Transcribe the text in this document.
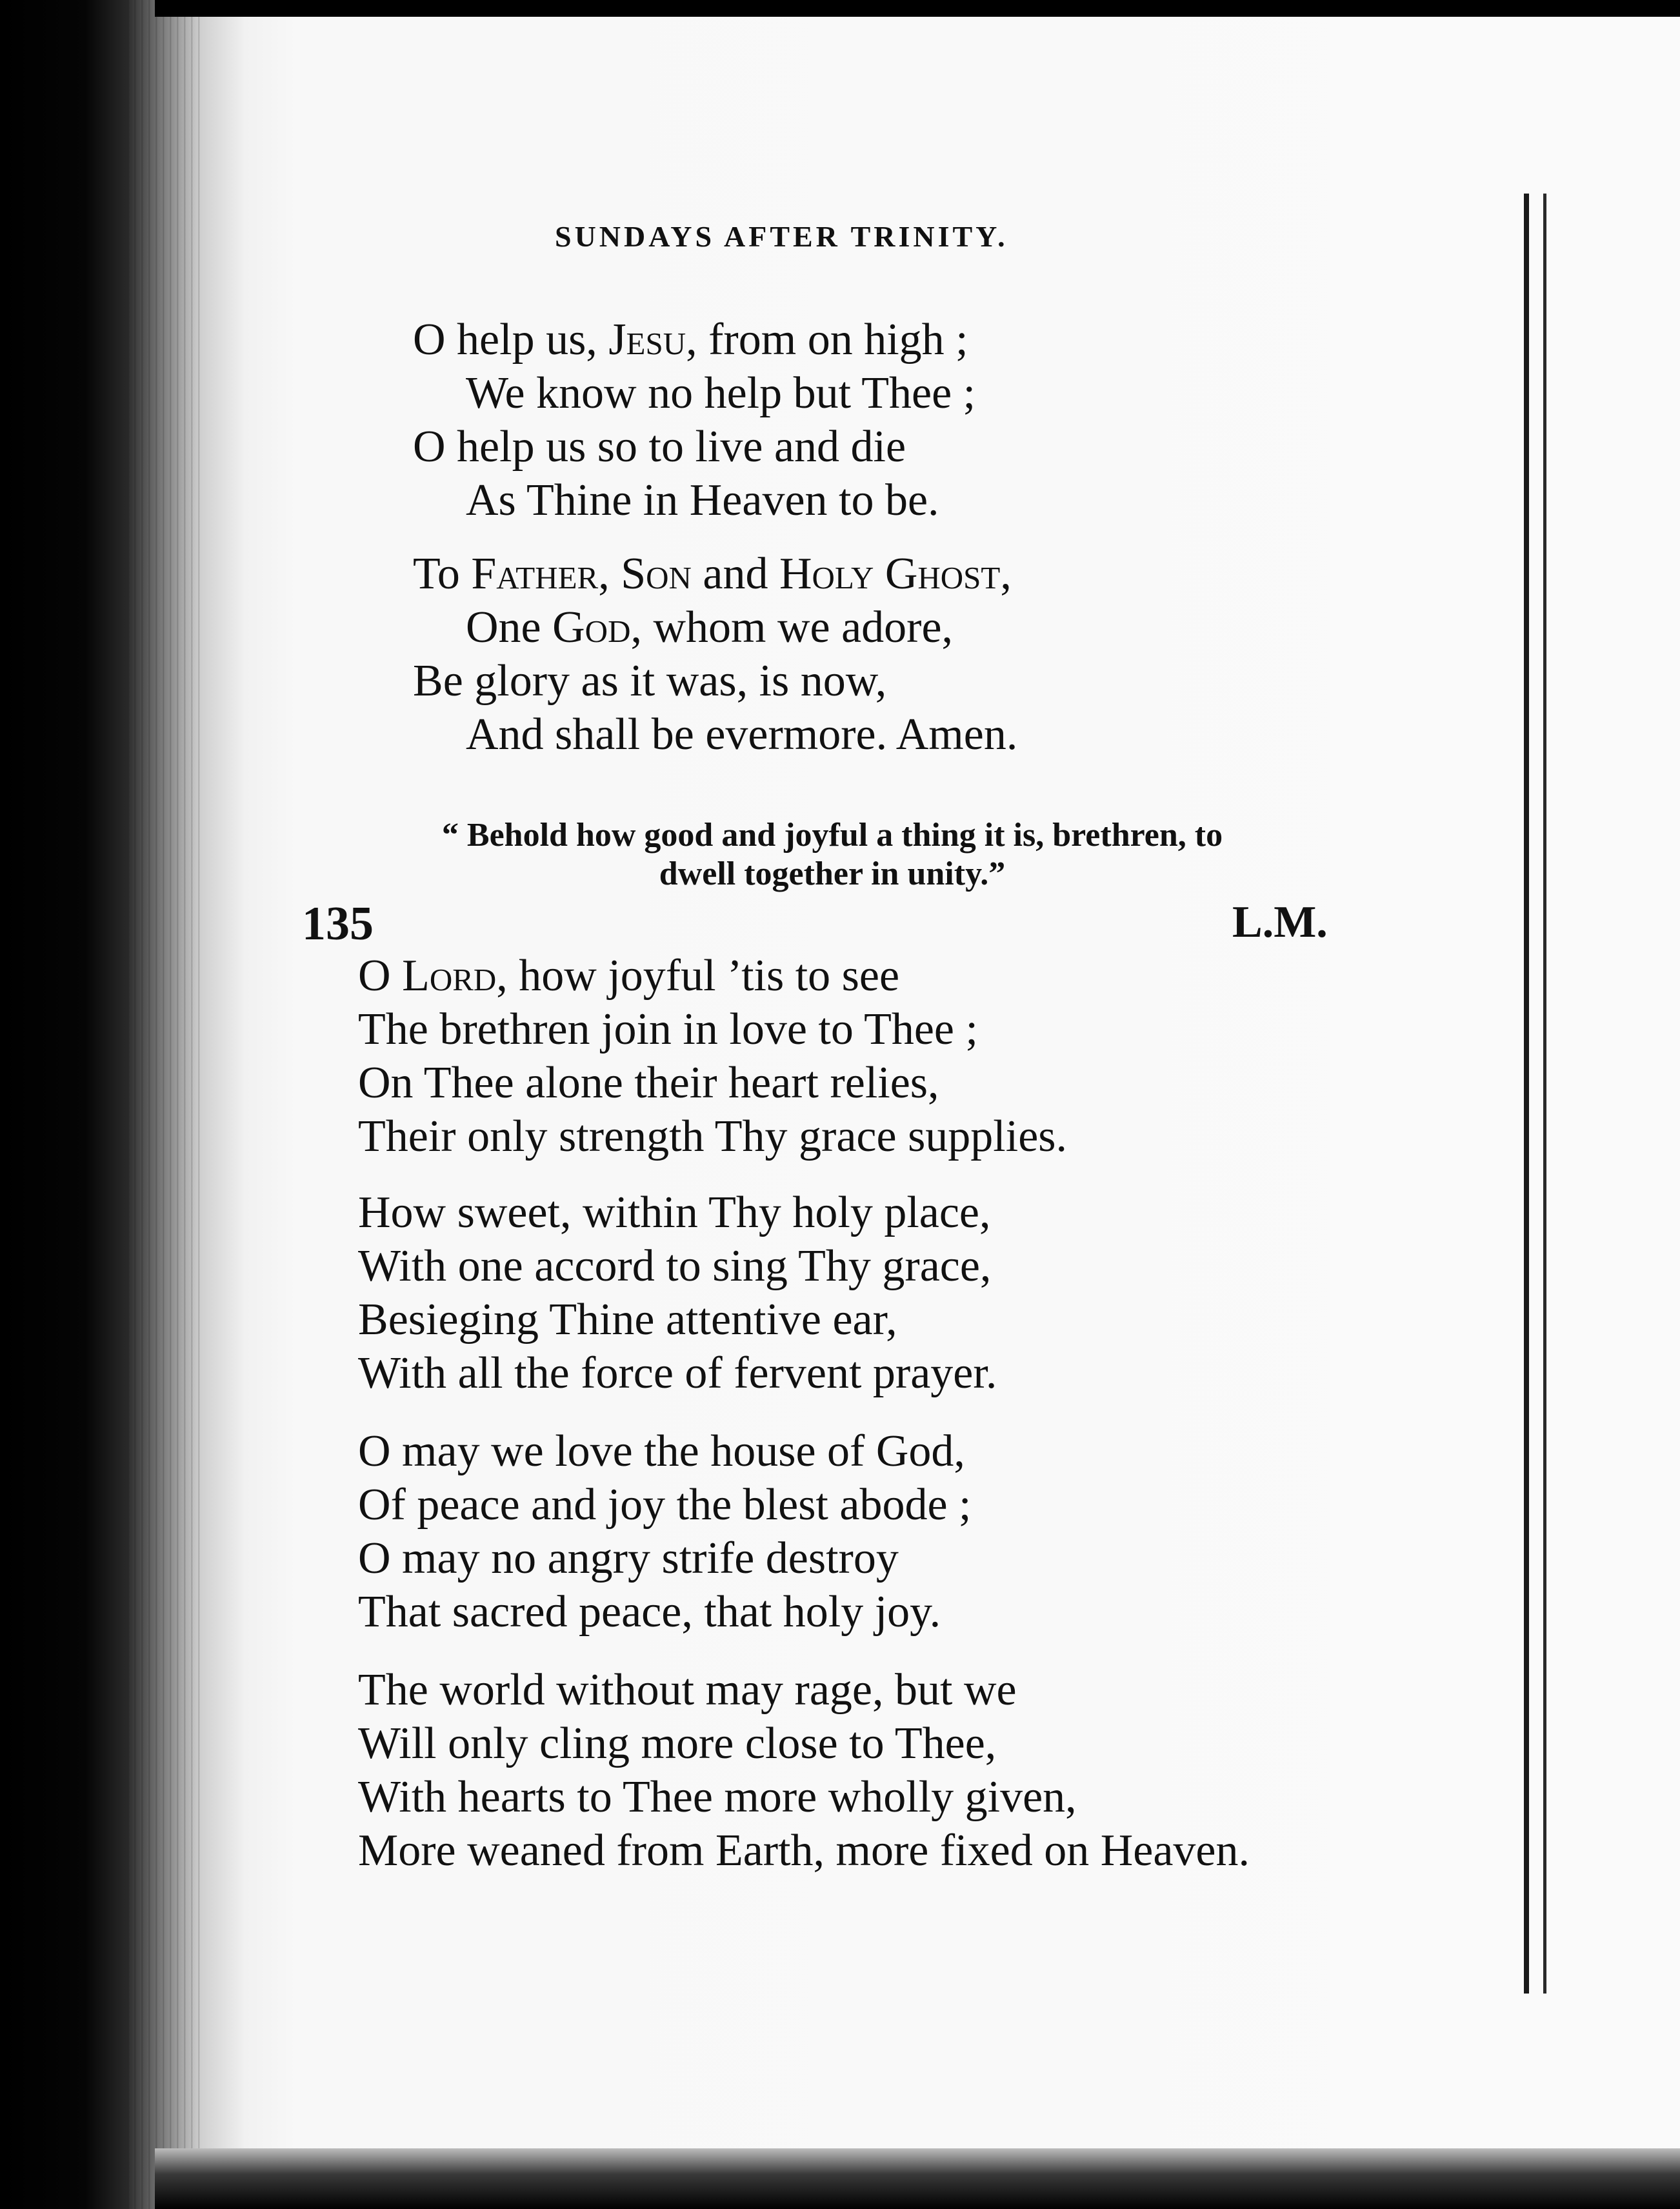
SUNDAYS AFTER TRINITY.
O help us, Jesu, from on high ;
We know no help but Thee ;
O help us so to live and die
As Thine in Heaven to be.
To Father, Son and Holy Ghost,
One God, whom we adore,
Be glory as it was, is now,
And shall be evermore. Amen.
“ Behold how good and joyful a thing it is, brethren, to
dwell together in unity.”
135	L.M.
O Lord, how joyful ’tis to see
The brethren join in love to Thee ;
On Thee alone their heart relies,
Their only strength Thy grace supplies.
How sweet, within Thy holy place,
With one accord to sing Thy grace,
Besieging Thine attentive ear,
With all the force of fervent prayer.
O may we love the house of God,
Of peace and joy the blest abode ;
O may no angry strife destroy
That sacred peace, that holy joy.
The world without may rage, but we
Will only cling more close to Thee,
With hearts to Thee more wholly given,
More weaned from Earth, more fixed on Heaven.
